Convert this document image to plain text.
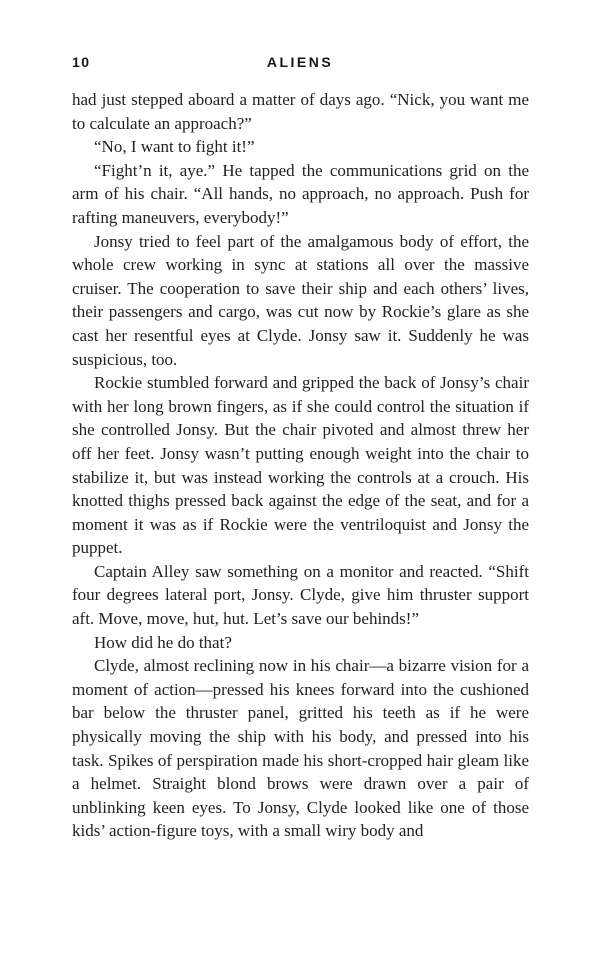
10	ALIENS

had just stepped aboard a matter of days ago. “Nick, you want me to calculate an approach?”

“No, I want to fight it!”

“Fight’n it, aye.” He tapped the communications grid on the arm of his chair. “All hands, no approach, no approach. Push for rafting maneuvers, everybody!”

Jonsy tried to feel part of the amalgamous body of effort, the whole crew working in sync at stations all over the massive cruiser. The cooperation to save their ship and each others’ lives, their passengers and cargo, was cut now by Rockie’s glare as she cast her resentful eyes at Clyde. Jonsy saw it. Suddenly he was suspicious, too.

Rockie stumbled forward and gripped the back of Jonsy’s chair with her long brown fingers, as if she could control the situation if she controlled Jonsy. But the chair pivoted and almost threw her off her feet. Jonsy wasn’t putting enough weight into the chair to stabilize it, but was instead working the controls at a crouch. His knotted thighs pressed back against the edge of the seat, and for a moment it was as if Rockie were the ventriloquist and Jonsy the puppet.

Captain Alley saw something on a monitor and reacted. “Shift four degrees lateral port, Jonsy. Clyde, give him thruster support aft. Move, move, hut, hut. Let’s save our behinds!”

How did he do that?

Clyde, almost reclining now in his chair—a bizarre vision for a moment of action—pressed his knees forward into the cushioned bar below the thruster panel, gritted his teeth as if he were physically moving the ship with his body, and pressed into his task. Spikes of perspiration made his short-cropped hair gleam like a helmet. Straight blond brows were drawn over a pair of unblinking keen eyes. To Jonsy, Clyde looked like one of those kids’ action-figure toys, with a small wiry body and
